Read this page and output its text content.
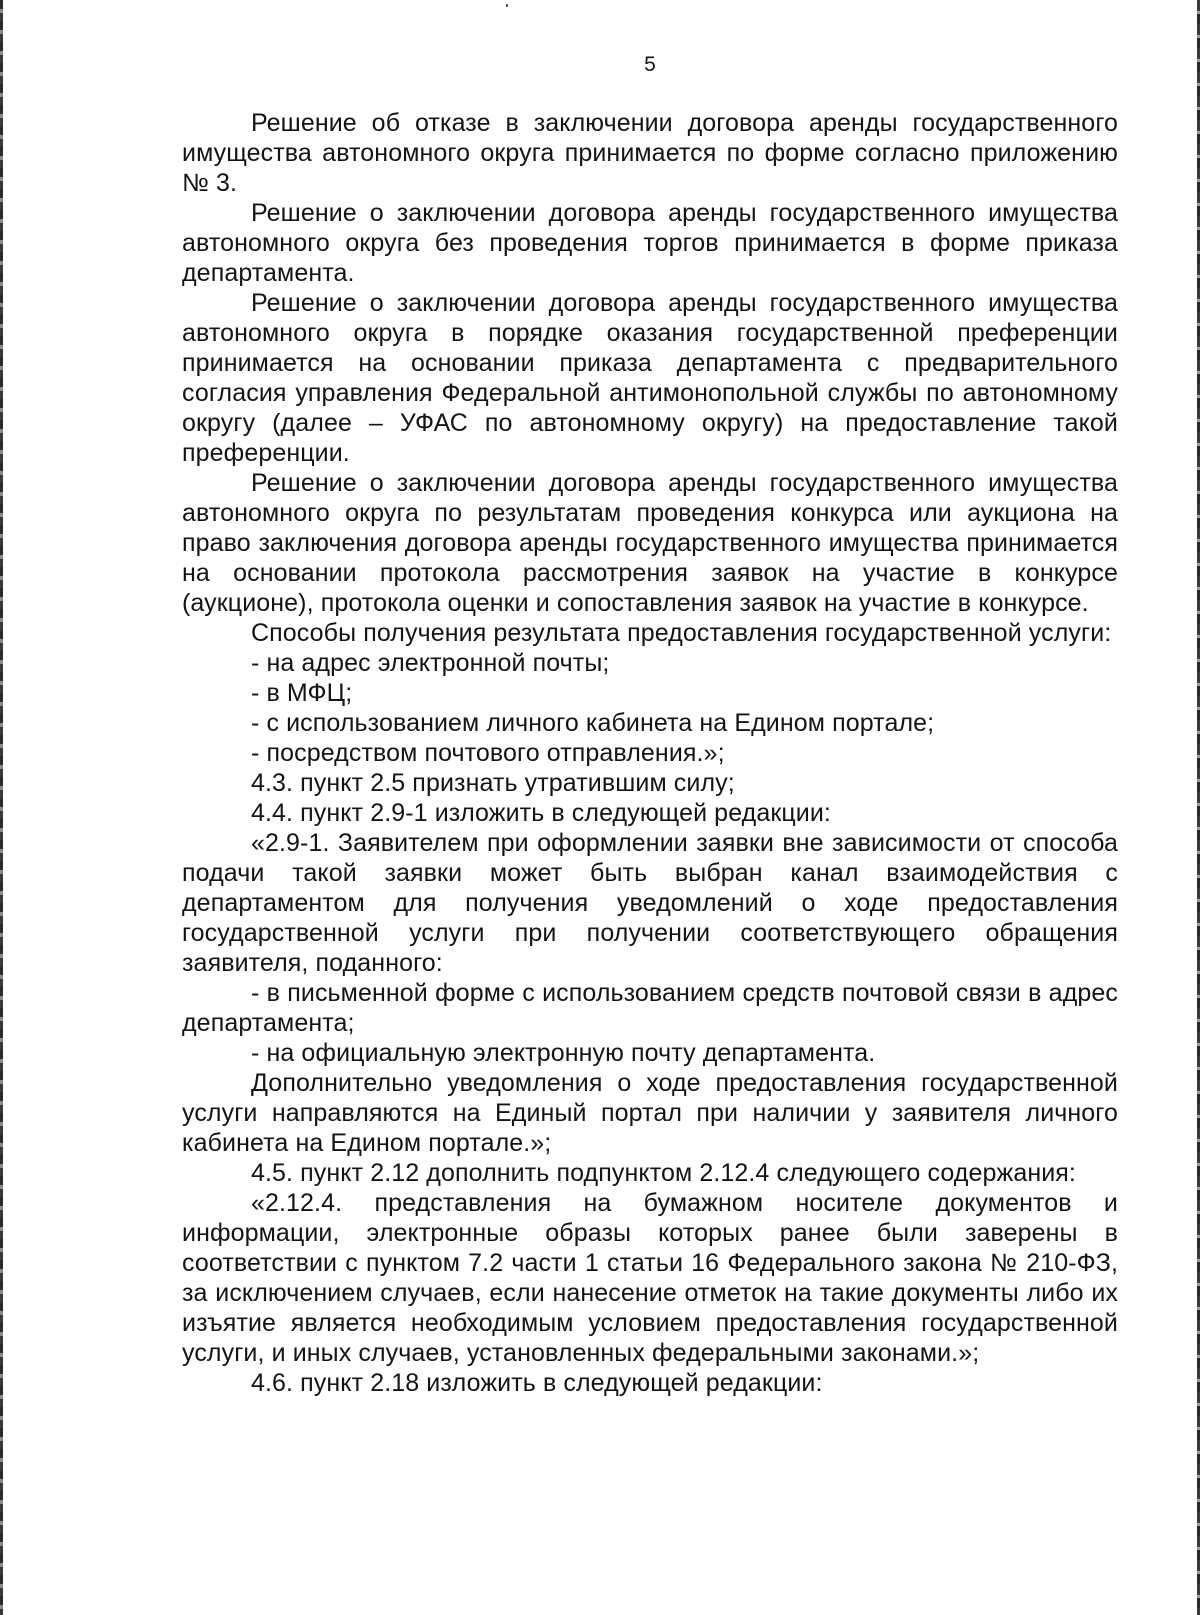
5

Решение об отказе в заключении договора аренды государственного имущества автономного округа принимается по форме согласно приложению № 3.

Решение о заключении договора аренды государственного имущества автономного округа без проведения торгов принимается в форме приказа департамента.

Решение о заключении договора аренды государственного имущества автономного округа в порядке оказания государственной преференции принимается на основании приказа департамента с предварительного согласия управления Федеральной антимонопольной службы по автономному округу (далее – УФАС по автономному округу) на предоставление такой преференции.

Решение о заключении договора аренды государственного имущества автономного округа по результатам проведения конкурса или аукциона на право заключения договора аренды государственного имущества принимается на основании протокола рассмотрения заявок на участие в конкурсе (аукционе), протокола оценки и сопоставления заявок на участие в конкурсе.

Способы получения результата предоставления государственной услуги:

- на адрес электронной почты;

- в МФЦ;

- с использованием личного кабинета на Едином портале;

- посредством почтового отправления.»;

4.3. пункт 2.5 признать утратившим силу;

4.4. пункт 2.9-1 изложить в следующей редакции:

«2.9-1. Заявителем при оформлении заявки вне зависимости от способа подачи такой заявки может быть выбран канал взаимодействия с департаментом для получения уведомлений о ходе предоставления государственной услуги при получении соответствующего обращения заявителя, поданного:

- в письменной форме с использованием средств почтовой связи в адрес департамента;

- на официальную электронную почту департамента.

Дополнительно уведомления о ходе предоставления государственной услуги направляются на Единый портал при наличии у заявителя личного кабинета на Едином портале.»;

4.5. пункт 2.12 дополнить подпунктом 2.12.4 следующего содержания:

«2.12.4. представления на бумажном носителе документов и информации, электронные образы которых ранее были заверены в соответствии с пунктом 7.2 части 1 статьи 16 Федерального закона № 210-ФЗ, за исключением случаев, если нанесение отметок на такие документы либо их изъятие является необходимым условием предоставления государственной услуги, и иных случаев, установленных федеральными законами.»;

4.6. пункт 2.18 изложить в следующей редакции:
